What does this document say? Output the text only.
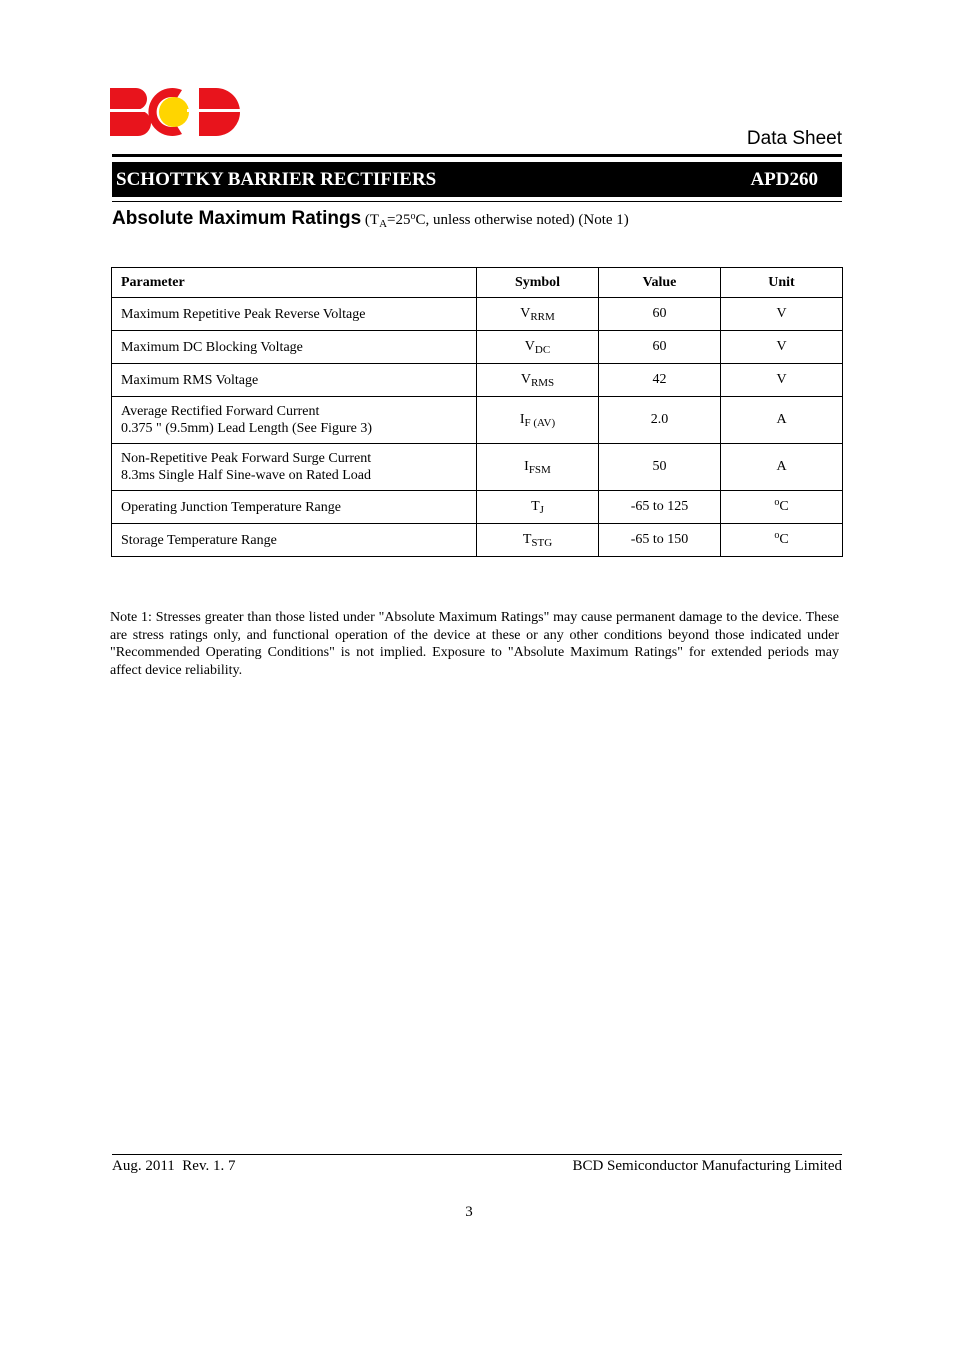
Data Sheet
SCHOTTKY BARRIER RECTIFIERS	APD260
Absolute Maximum Ratings ($T_A=25^oC$, unless otherwise noted) (Note 1)
Parameter	Symbol	Value	Unit
Maximum Repetitive Peak Reverse Voltage	$V_{RRM}$	60	V
Maximum DC Blocking Voltage	$V_{DC}$	60	V
Maximum RMS Voltage	$V_{RMS}$	42	V
Average Rectified Forward Current
0.375 " (9.5mm) Lead Length (See Figure 3)	$I_{F (AV)}$	2.0	A
Non-Repetitive Peak Forward Surge Current
8.3ms Single Half Sine-wave on Rated Load	$I_{FSM}$	50	A
Operating Junction Temperature Range	$T_J$	-65 to 125	$^o$C
Storage Temperature Range	$T_{STG}$	-65 to 150	$^o$C

Note 1: Stresses greater than those listed under "Absolute Maximum Ratings" may cause permanent damage to the device. These are stress ratings only, and functional operation of the device at these or any other conditions beyond those indicated under "Recommended Operating Conditions" is not implied. Exposure to "Absolute Maximum Ratings" for extended periods may affect device reliability.

Aug. 2011  Rev. 1. 7	BCD Semiconductor Manufacturing Limited
3
